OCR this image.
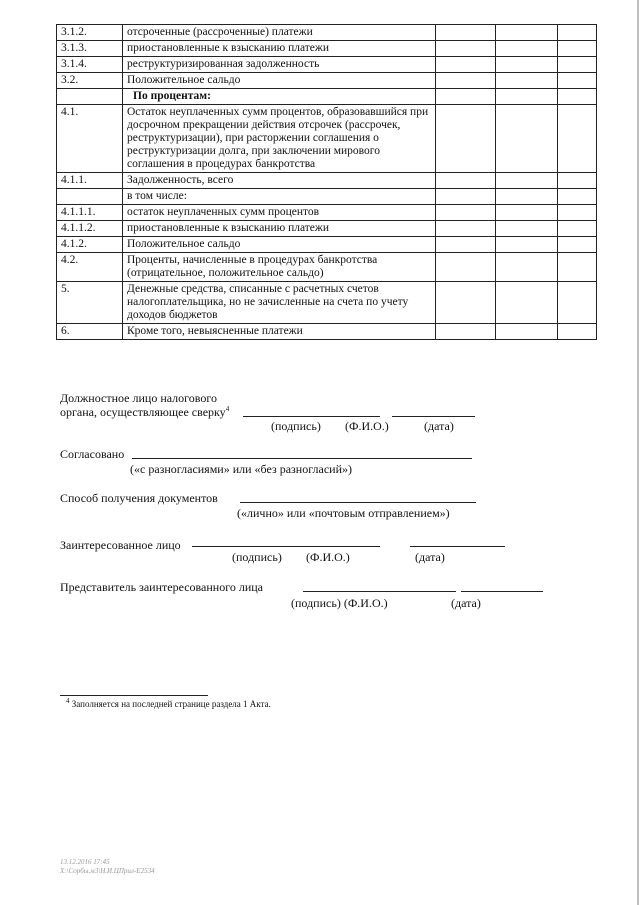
3.1.2.	отсроченные (рассроченные) платежи			
3.1.3.	приостановленные к взысканию платежи			
3.1.4.	реструктуризированная задолженность			
3.2.	Положительное сальдо			
	По процентам:			
4.1.	Остаток неуплаченных сумм процентов, образовавшийся при досрочном прекращении действия отсрочек (рассрочек, реструктуризации), при расторжении соглашения о реструктуризации долга, при заключении мирового соглашения в процедурах банкротства			
4.1.1.	Задолженность, всего			
	в том числе:			
4.1.1.1.	остаток неуплаченных сумм процентов			
4.1.1.2.	приостановленные к взысканию платежи			
4.1.2.	Положительное сальдо			
4.2.	Проценты, начисленные в процедурах банкротства (отрицательное, положительное сальдо)			
5.	Денежные средства, списанные с расчетных счетов налогоплательщика, но не зачисленные на счета по учету доходов бюджетов			
6.	Кроме того, невыясненные платежи			
Должностное лицо налогового
органа, осуществляющее сверку$^4$
(подпись) (Ф.И.О.)	(дата)
Согласовано
(«с разногласиями» или «без разногласий»)
Способ получения документов
(«лично» или «почтовым отправлением»)
Заинтересованное лицо
(подпись) (Ф.И.О.)	(дата)
Представитель заинтересованного лица
(подпись) (Ф.И.О.)	(дата)
$^4$ Заполняется на последней странице раздела 1 Акта.
13.12.2016 17:45
Х:\Сорбы.м3\Н.И.ЦПрил-Е2534
